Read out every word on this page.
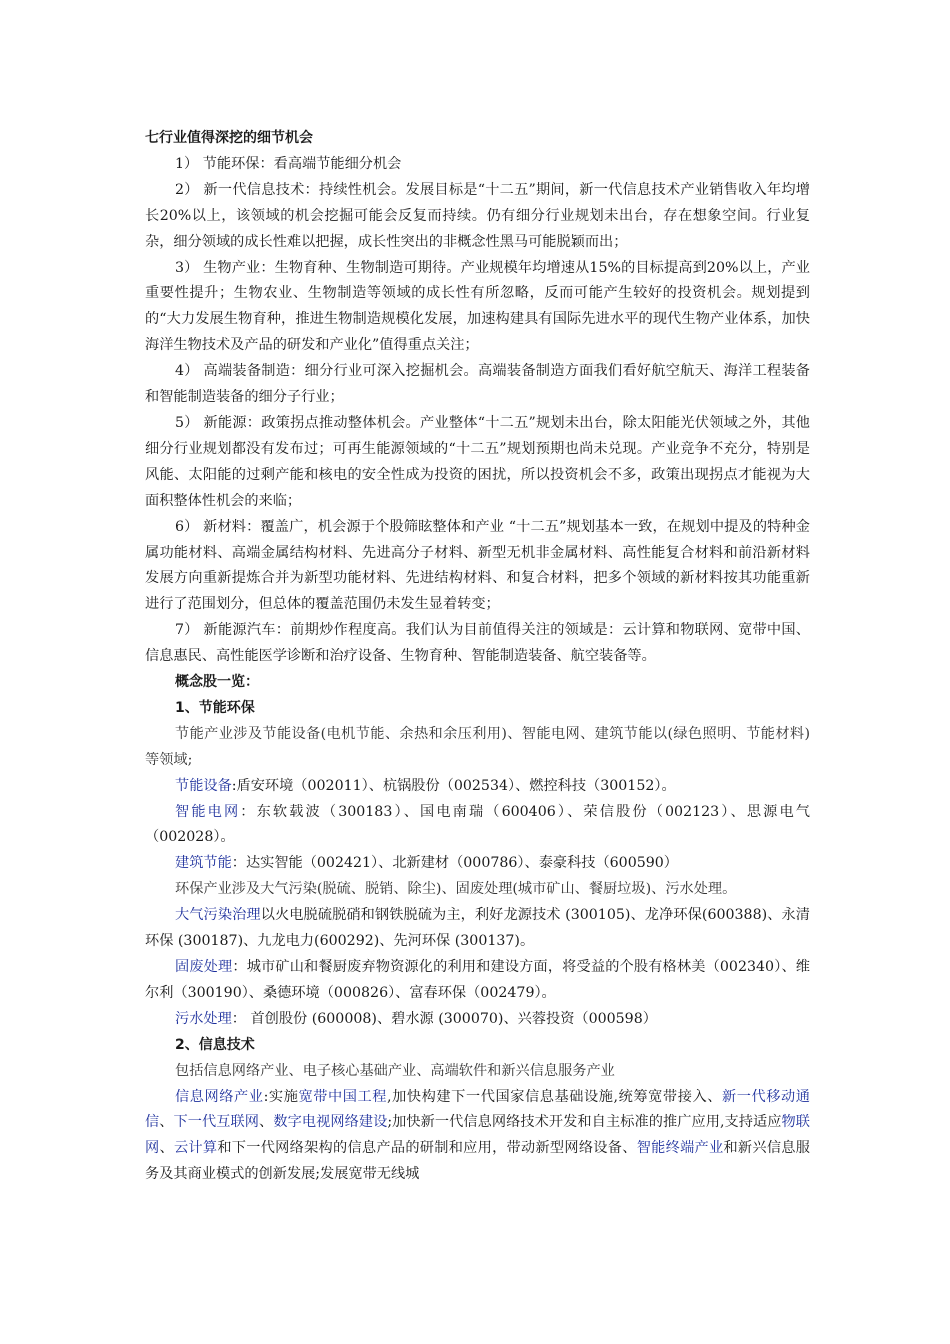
七行业值得深挖的细节机会

1） 节能环保：看高端节能细分机会

2） 新一代信息技术：持续性机会。发展目标是“十二五”期间，新一代信息技术产业销售收入年均增长20%以上，该领域的机会挖掘可能会反复而持续。仍有细分行业规划未出台，存在想象空间。行业复杂，细分领域的成长性难以把握，成长性突出的非概念性黑马可能脱颖而出；

3） 生物产业：生物育种、生物制造可期待。产业规模年均增速从15%的目标提高到20%以上，产业重要性提升；生物农业、生物制造等领域的成长性有所忽略，反而可能产生较好的投资机会。规划提到的“大力发展生物育种，推进生物制造规模化发展，加速构建具有国际先进水平的现代生物产业体系，加快海洋生物技术及产品的研发和产业化”值得重点关注；

4） 高端装备制造：细分行业可深入挖掘机会。高端装备制造方面我们看好航空航天、海洋工程装备和智能制造装备的细分子行业；

5） 新能源：政策拐点推动整体机会。产业整体“十二五”规划未出台，除太阳能光伏领域之外，其他细分行业规划都没有发布过；可再生能源领域的“十二五”规划预期也尚未兑现。产业竞争不充分，特别是风能、太阳能的过剩产能和核电的安全性成为投资的困扰，所以投资机会不多，政策出现拐点才能视为大面积整体性机会的来临；

6） 新材料：覆盖广，机会源于个股筛眩整体和产业 “十二五”规划基本一致，在规划中提及的特种金属功能材料、高端金属结构材料、先进高分子材料、新型无机非金属材料、高性能复合材料和前沿新材料发展方向重新提炼合并为新型功能材料、先进结构材料、和复合材料，把多个领域的新材料按其功能重新进行了范围划分，但总体的覆盖范围仍未发生显着转变；

7） 新能源汽车：前期炒作程度高。我们认为目前值得关注的领域是：云计算和物联网、宽带中国、信息惠民、高性能医学诊断和治疗设备、生物育种、智能制造装备、航空装备等。

概念股一览：

1、节能环保

节能产业涉及节能设备(电机节能、余热和余压利用)、智能电网、建筑节能以(绿色照明、节能材料) 等领域;

节能设备:盾安环境（002011）、杭锅股份（002534）、燃控科技（300152）。

智能电网：东软载波（300183）、国电南瑞（600406）、荣信股份（002123）、思源电气（002028）。

建筑节能：达实智能（002421）、北新建材（000786）、泰豪科技（600590）

环保产业涉及大气污染(脱硫、脱销、除尘)、固废处理(城市矿山、餐厨垃圾)、污水处理。

大气污染治理以火电脱硫脱硝和钢铁脱硫为主，利好龙源技术 (300105)、龙净环保(600388)、永清环保 (300187)、九龙电力(600292)、先河环保 (300137)。

固废处理：城市矿山和餐厨废弃物资源化的利用和建设方面，将受益的个股有格林美（002340）、维尔利（300190）、桑德环境（000826）、富春环保（002479）。

污水处理： 首创股份 (600008)、碧水源 (300070)、兴蓉投资（000598）

2、信息技术

包括信息网络产业、电子核心基础产业、高端软件和新兴信息服务产业

信息网络产业:实施宽带中国工程,加快构建下一代国家信息基础设施,统筹宽带接入、新一代移动通信、下一代互联网、数字电视网络建设;加快新一代信息网络技术开发和自主标准的推广应用,支持适应物联网、云计算和下一代网络架构的信息产品的研制和应用，带动新型网络设备、智能终端产业和新兴信息服务及其商业模式的创新发展;发展宽带无线城
